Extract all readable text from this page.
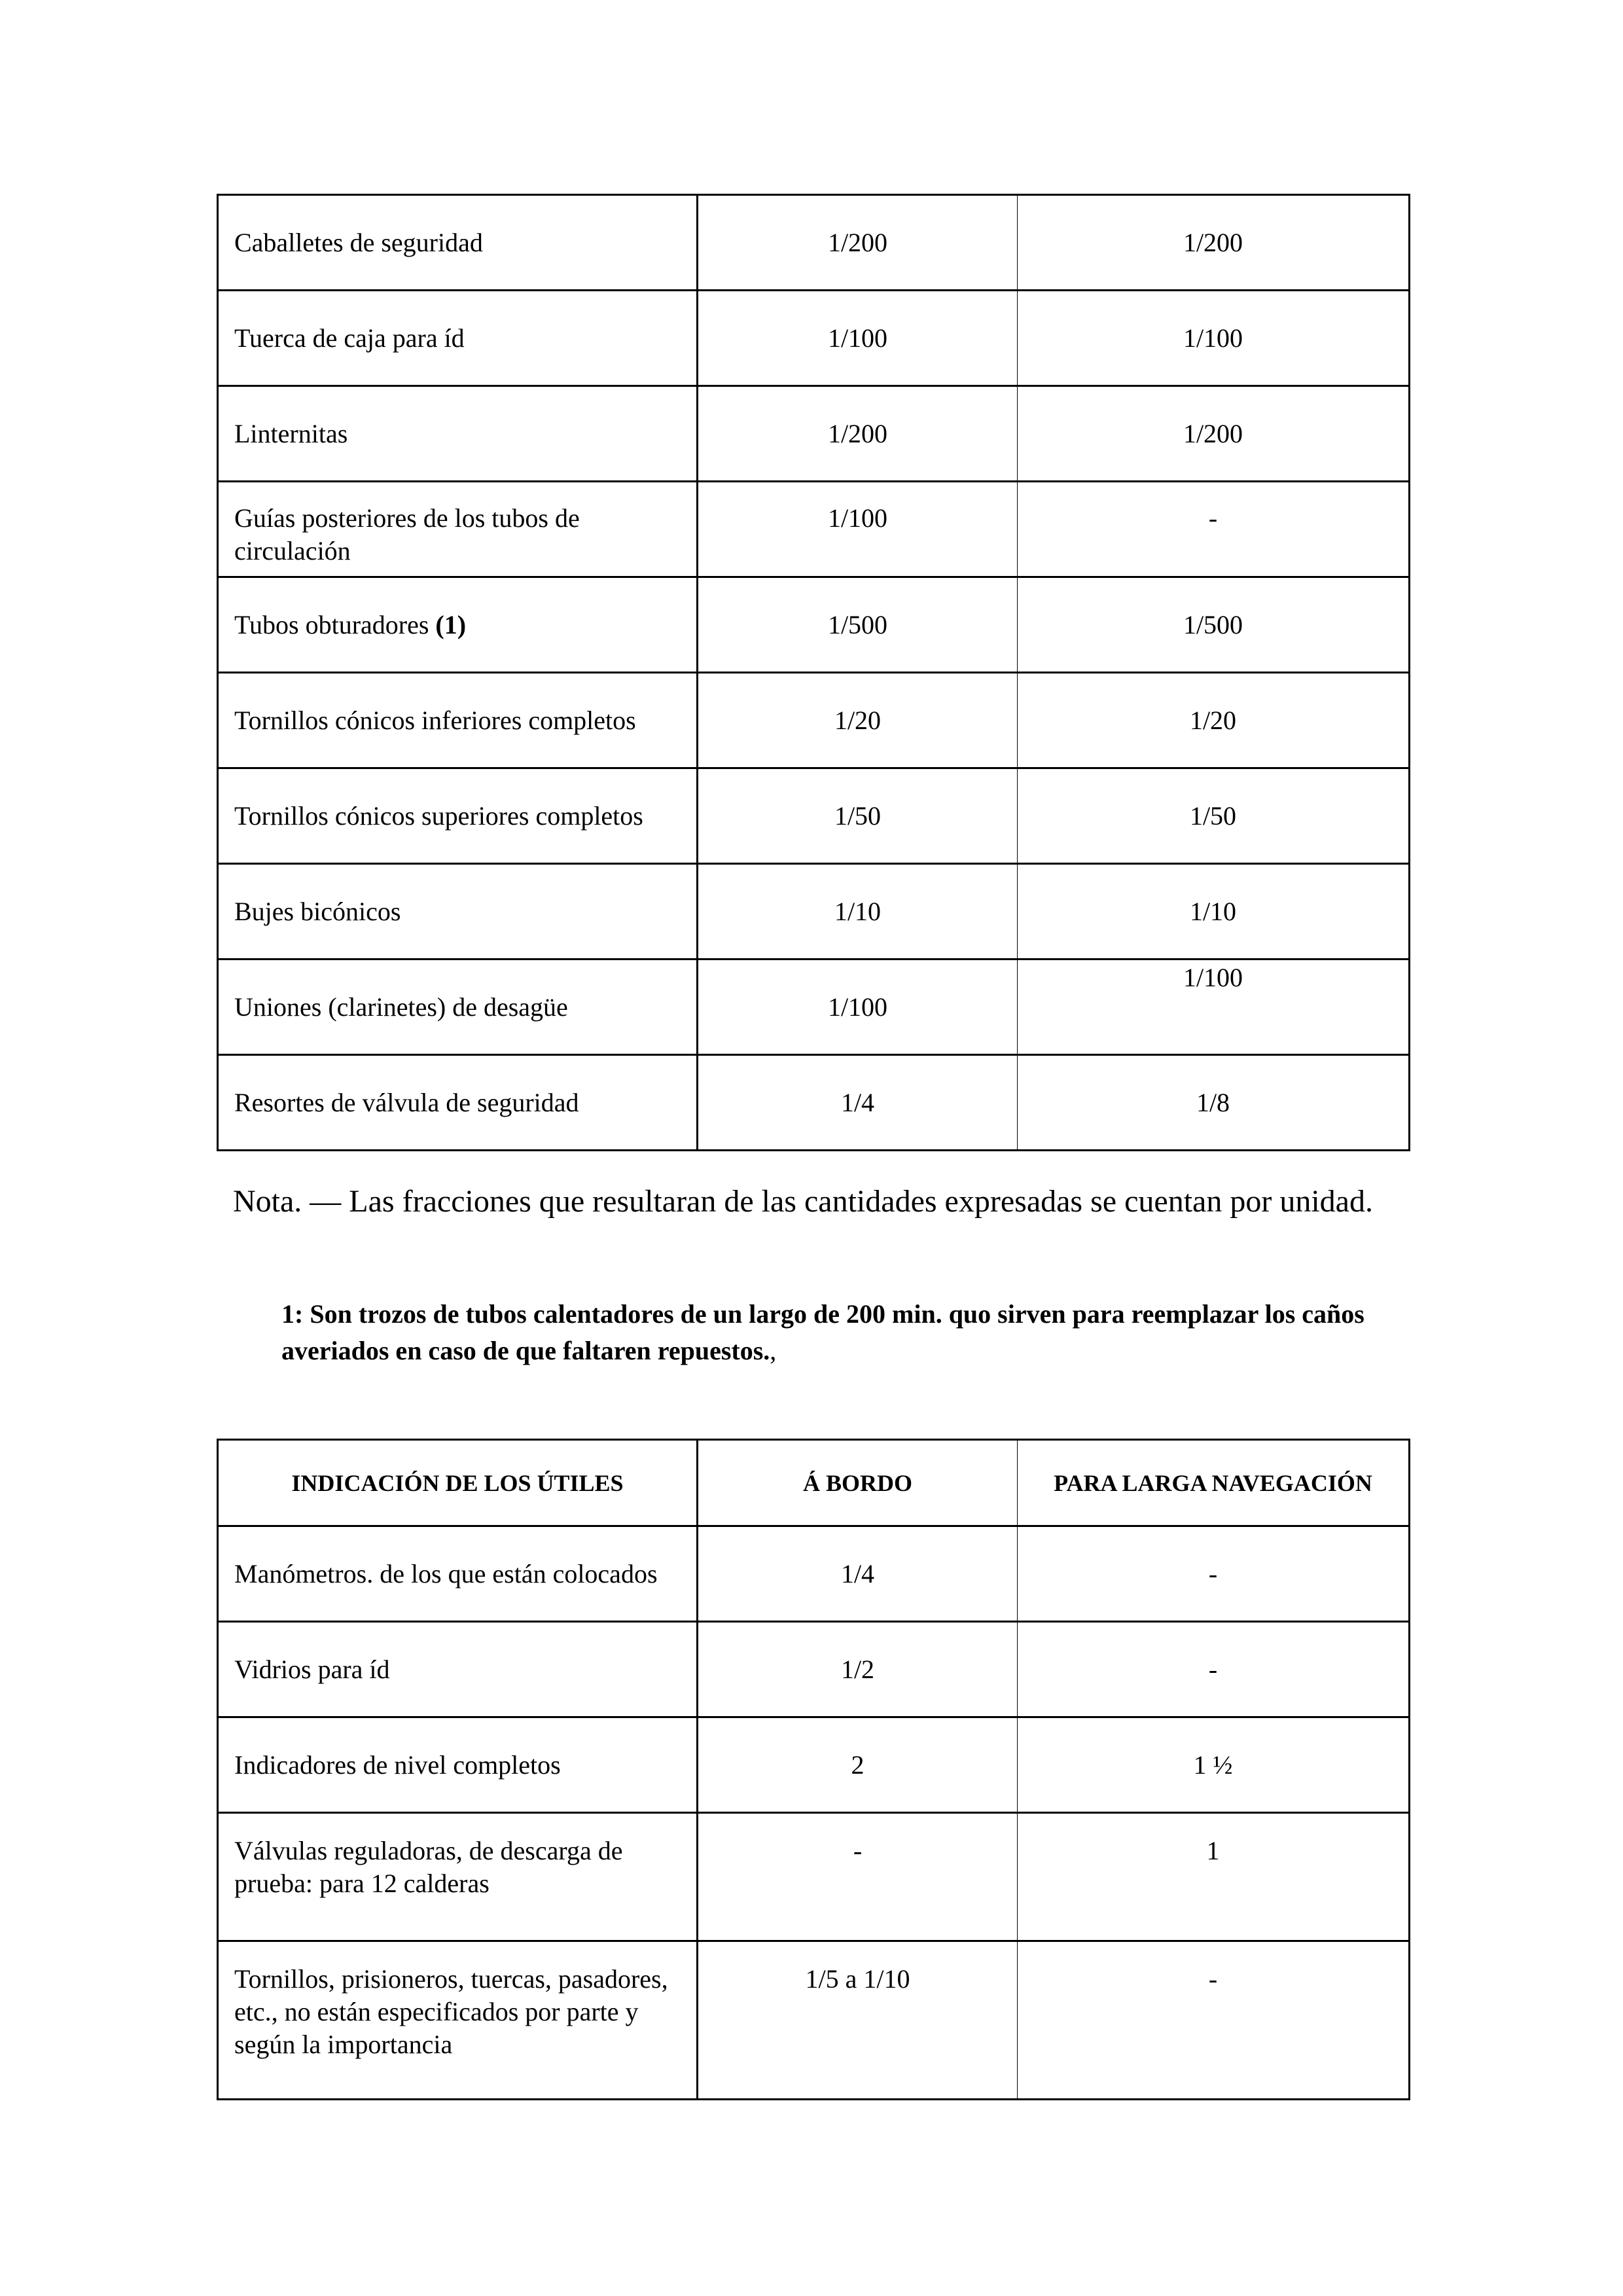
Caballetes de seguridad	1/200	1/200
Tuerca de caja para íd	1/100	1/100
Linternitas	1/200	1/200
Guías posteriores de los tubos de circulación	1/100	-
Tubos obturadores (1)	1/500	1/500
Tornillos cónicos inferiores completos	1/20	1/20
Tornillos cónicos superiores completos	1/50	1/50
Bujes bicónicos	1/10	1/10
Uniones (clarinetes) de desagüe	1/100	1/100
Resortes de válvula de seguridad	1/4	1/8

Nota. — Las fracciones que resultaran de las cantidades expresadas se cuentan por unidad.

1: Son trozos de tubos calentadores de un largo de 200 min. quo sirven para reemplazar los caños averiados en caso de que faltaren repuestos.,

INDICACIÓN DE LOS ÚTILES	Á BORDO	PARA LARGA NAVEGACIÓN
Manómetros. de los que están colocados	1/4	-
Vidrios para íd	1/2	-
Indicadores de nivel completos	2	1 ½
Válvulas reguladoras, de descarga de prueba: para 12 calderas	-	1
Tornillos, prisioneros, tuercas, pasadores, etc., no están especificados por parte y según la importancia	1/5 a 1/10	-
